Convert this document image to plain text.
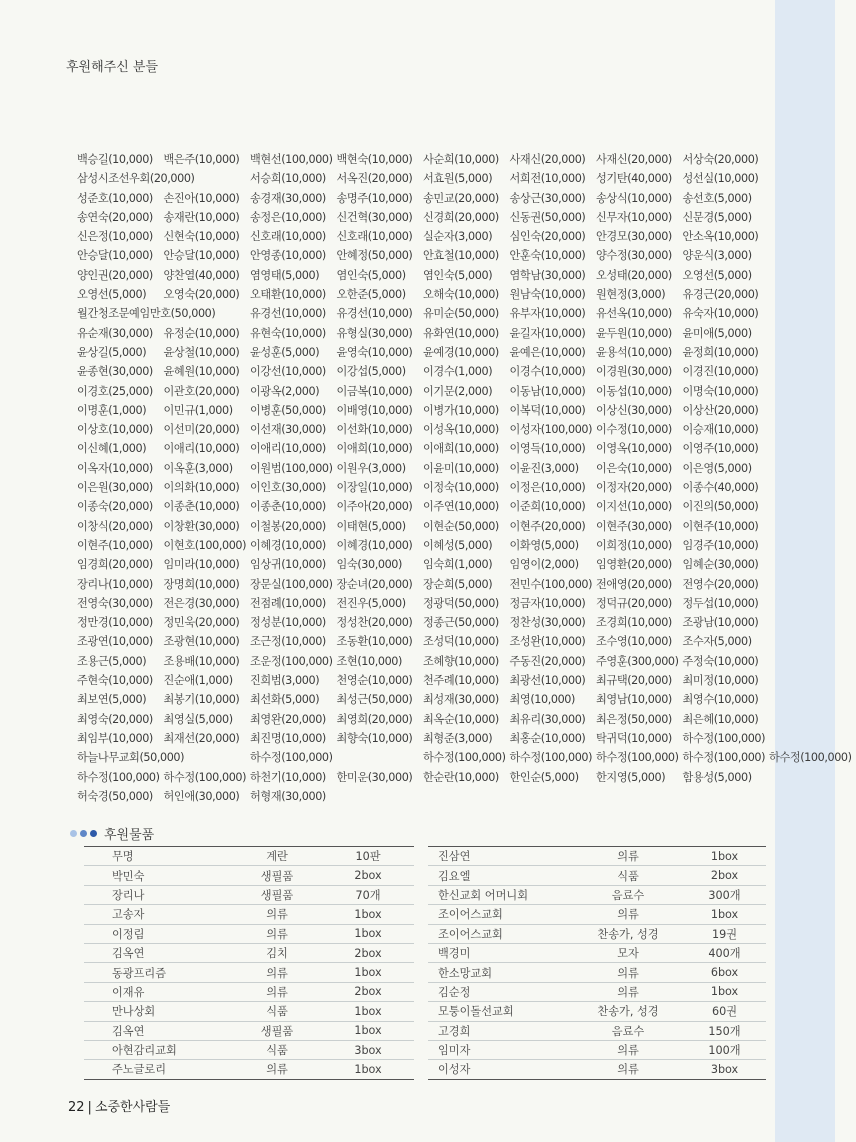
후원해주신 분들
백승길(10,000) 백은주(10,000) 백현선(100,000) 백현숙(10,000) 사순희(10,000) 사재신(20,000) 사재신(20,000) 서상숙(20,000)
삼성시조선우회(20,000)	서승희(10,000) 서옥진(20,000) 서효원(5,000) 서희전(10,000) 성기탄(40,000) 성선실(10,000)
성준호(10,000) 손진아(10,000) 송경재(30,000) 송명주(10,000) 송민교(20,000) 송상근(30,000) 송상식(10,000) 송선호(5,000)
송연숙(20,000) 송재란(10,000) 송정은(10,000) 신건혁(30,000) 신경희(20,000) 신동권(50,000) 신무자(10,000) 신문경(5,000)
신은정(10,000) 신현숙(10,000) 신호래(10,000) 신호래(10,000) 실순자(3,000) 심인숙(20,000) 안경모(30,000) 안소옥(10,000)
안승달(10,000) 안승달(10,000) 안영종(10,000) 안혜정(50,000) 안효철(10,000) 안훈숙(10,000) 양수정(30,000) 양운식(3,000)
양인권(20,000) 양찬열(40,000) 염영태(5,000) 염인숙(5,000) 염인숙(5,000) 염학남(30,000) 오성태(20,000) 오영선(5,000)
오영선(5,000) 오영숙(20,000) 오태환(10,000) 오한준(5,000) 오해숙(10,000) 원남숙(10,000) 원현정(3,000) 유경근(20,000)
월간청조문예임만호(50,000)	유경선(10,000) 유경선(10,000) 유미순(50,000) 유부자(10,000) 유선옥(10,000) 유숙자(10,000)
유순재(30,000) 유정순(10,000) 유현숙(10,000) 유형실(30,000) 유화연(10,000) 윤길자(10,000) 윤두원(10,000) 윤미애(5,000)
윤상길(5,000) 윤상철(10,000) 윤성훈(5,000) 윤영숙(10,000) 윤예경(10,000) 윤예은(10,000) 윤용석(10,000) 윤정희(10,000)
윤종현(30,000) 윤혜원(10,000) 이강선(10,000) 이강섭(5,000) 이경수(1,000) 이경수(10,000) 이경원(30,000) 이경진(10,000)
이경호(25,000) 이관호(20,000) 이광옥(2,000) 이금복(10,000) 이기문(2,000) 이동남(10,000) 이동섭(10,000) 이명숙(10,000)
이명훈(1,000) 이민규(1,000) 이병훈(50,000) 이배영(10,000) 이병가(10,000) 이복덕(10,000) 이상신(30,000) 이상산(20,000)
이상호(10,000) 이선미(20,000) 이선재(30,000) 이선화(10,000) 이성옥(10,000) 이성자(100,000) 이수정(10,000) 이승재(10,000)
이신혜(1,000) 이애리(10,000) 이애리(10,000) 이애희(10,000) 이애희(10,000) 이영득(10,000) 이영옥(10,000) 이영주(10,000)
이옥자(10,000) 이옥훈(3,000) 이원범(100,000) 이원우(3,000) 이윤미(10,000) 이윤진(3,000) 이은숙(10,000) 이은영(5,000)
이은원(30,000) 이의화(10,000) 이인호(30,000) 이장일(10,000) 이정숙(10,000) 이정은(10,000) 이정자(20,000) 이종수(40,000)
이종숙(20,000) 이종춘(10,000) 이종춘(10,000) 이주아(20,000) 이주연(10,000) 이준희(10,000) 이지선(10,000) 이진의(50,000)
이창식(20,000) 이창환(30,000) 이철봉(20,000) 이태현(5,000) 이현순(50,000) 이현주(20,000) 이현주(30,000) 이현주(10,000)
이현주(10,000) 이현호(100,000) 이혜경(10,000) 이혜경(10,000) 이혜성(5,000) 이화영(5,000) 이희정(10,000) 임경주(10,000)
임경희(20,000) 임미라(10,000) 임상귀(10,000) 임숙(30,000) 임숙희(1,000) 임영이(2,000) 임영환(20,000) 임혜순(30,000)
장리나(10,000) 장명희(10,000) 장문실(100,000) 장순녀(20,000) 장순희(5,000) 전민수(100,000) 전애영(20,000) 전영수(20,000)
전영숙(30,000) 전은경(30,000) 전점례(10,000) 전진우(5,000) 정광덕(50,000) 정금자(10,000) 정덕규(20,000) 정두섭(10,000)
정만경(10,000) 정민욱(20,000) 정성분(10,000) 정성찬(20,000) 정종근(50,000) 정찬성(30,000) 조경희(10,000) 조광남(10,000)
조광연(10,000) 조광현(10,000) 조근정(10,000) 조동환(10,000) 조성덕(10,000) 조성완(10,000) 조수영(10,000) 조수자(5,000)
조용근(5,000) 조용배(10,000) 조운정(100,000) 조현(10,000) 조혜향(10,000) 주동진(20,000) 주영훈(300,000) 주정숙(10,000)
주현숙(10,000) 진순애(1,000) 진희범(3,000) 천영순(10,000) 천주례(10,000) 최광선(10,000) 최규택(20,000) 최미정(10,000)
최보연(5,000) 최봉기(10,000) 최선화(5,000) 최성근(50,000) 최성재(30,000) 최영(10,000) 최영남(10,000) 최영수(10,000)
최영숙(20,000) 최영실(5,000) 최영완(20,000) 최영희(20,000) 최옥순(10,000) 최유리(30,000) 최은정(50,000) 최은혜(10,000)
최임부(10,000) 최재선(20,000) 최진명(10,000) 최향숙(10,000) 최형준(3,000) 최홍순(10,000) 탁귀덕(10,000) 하수정(100,000)
하늘나무교회(50,000)	하수정(100,000)	하수정(100,000) 하수정(100,000) 하수정(100,000) 하수정(100,000) 하수정(100,000)
하수정(100,000) 하수정(100,000) 하천기(10,000) 한미운(30,000) 한순란(10,000) 한인순(5,000) 한지영(5,000) 함용성(5,000)
허숙경(50,000) 허인애(30,000) 허형재(30,000)
후원물품
무명	계란	10판
박민숙	생필품	2box
장리나	생필품	70개
고송자	의류	1box
이정림	의류	1box
김옥연	김치	2box
동광프리즘	의류	1box
이재유	의류	2box
만나상회	식품	1box
김옥연	생필품	1box
아현감리교회	식품	3box
주노글로리	의류	1box
진삼연	의류	1box
김요엘	식품	2box
한신교회 어머니회	음료수	300개
조이어스교회	의류	1box
조이어스교회	찬송가, 성경	19권
백경미	모자	400개
한소망교회	의류	6box
김순정	의류	1box
모퉁이돌선교회	찬송가, 성경	60권
고경희	음료수	150개
임미자	의류	100개
이성자	의류	3box
22 | 소중한사람들
